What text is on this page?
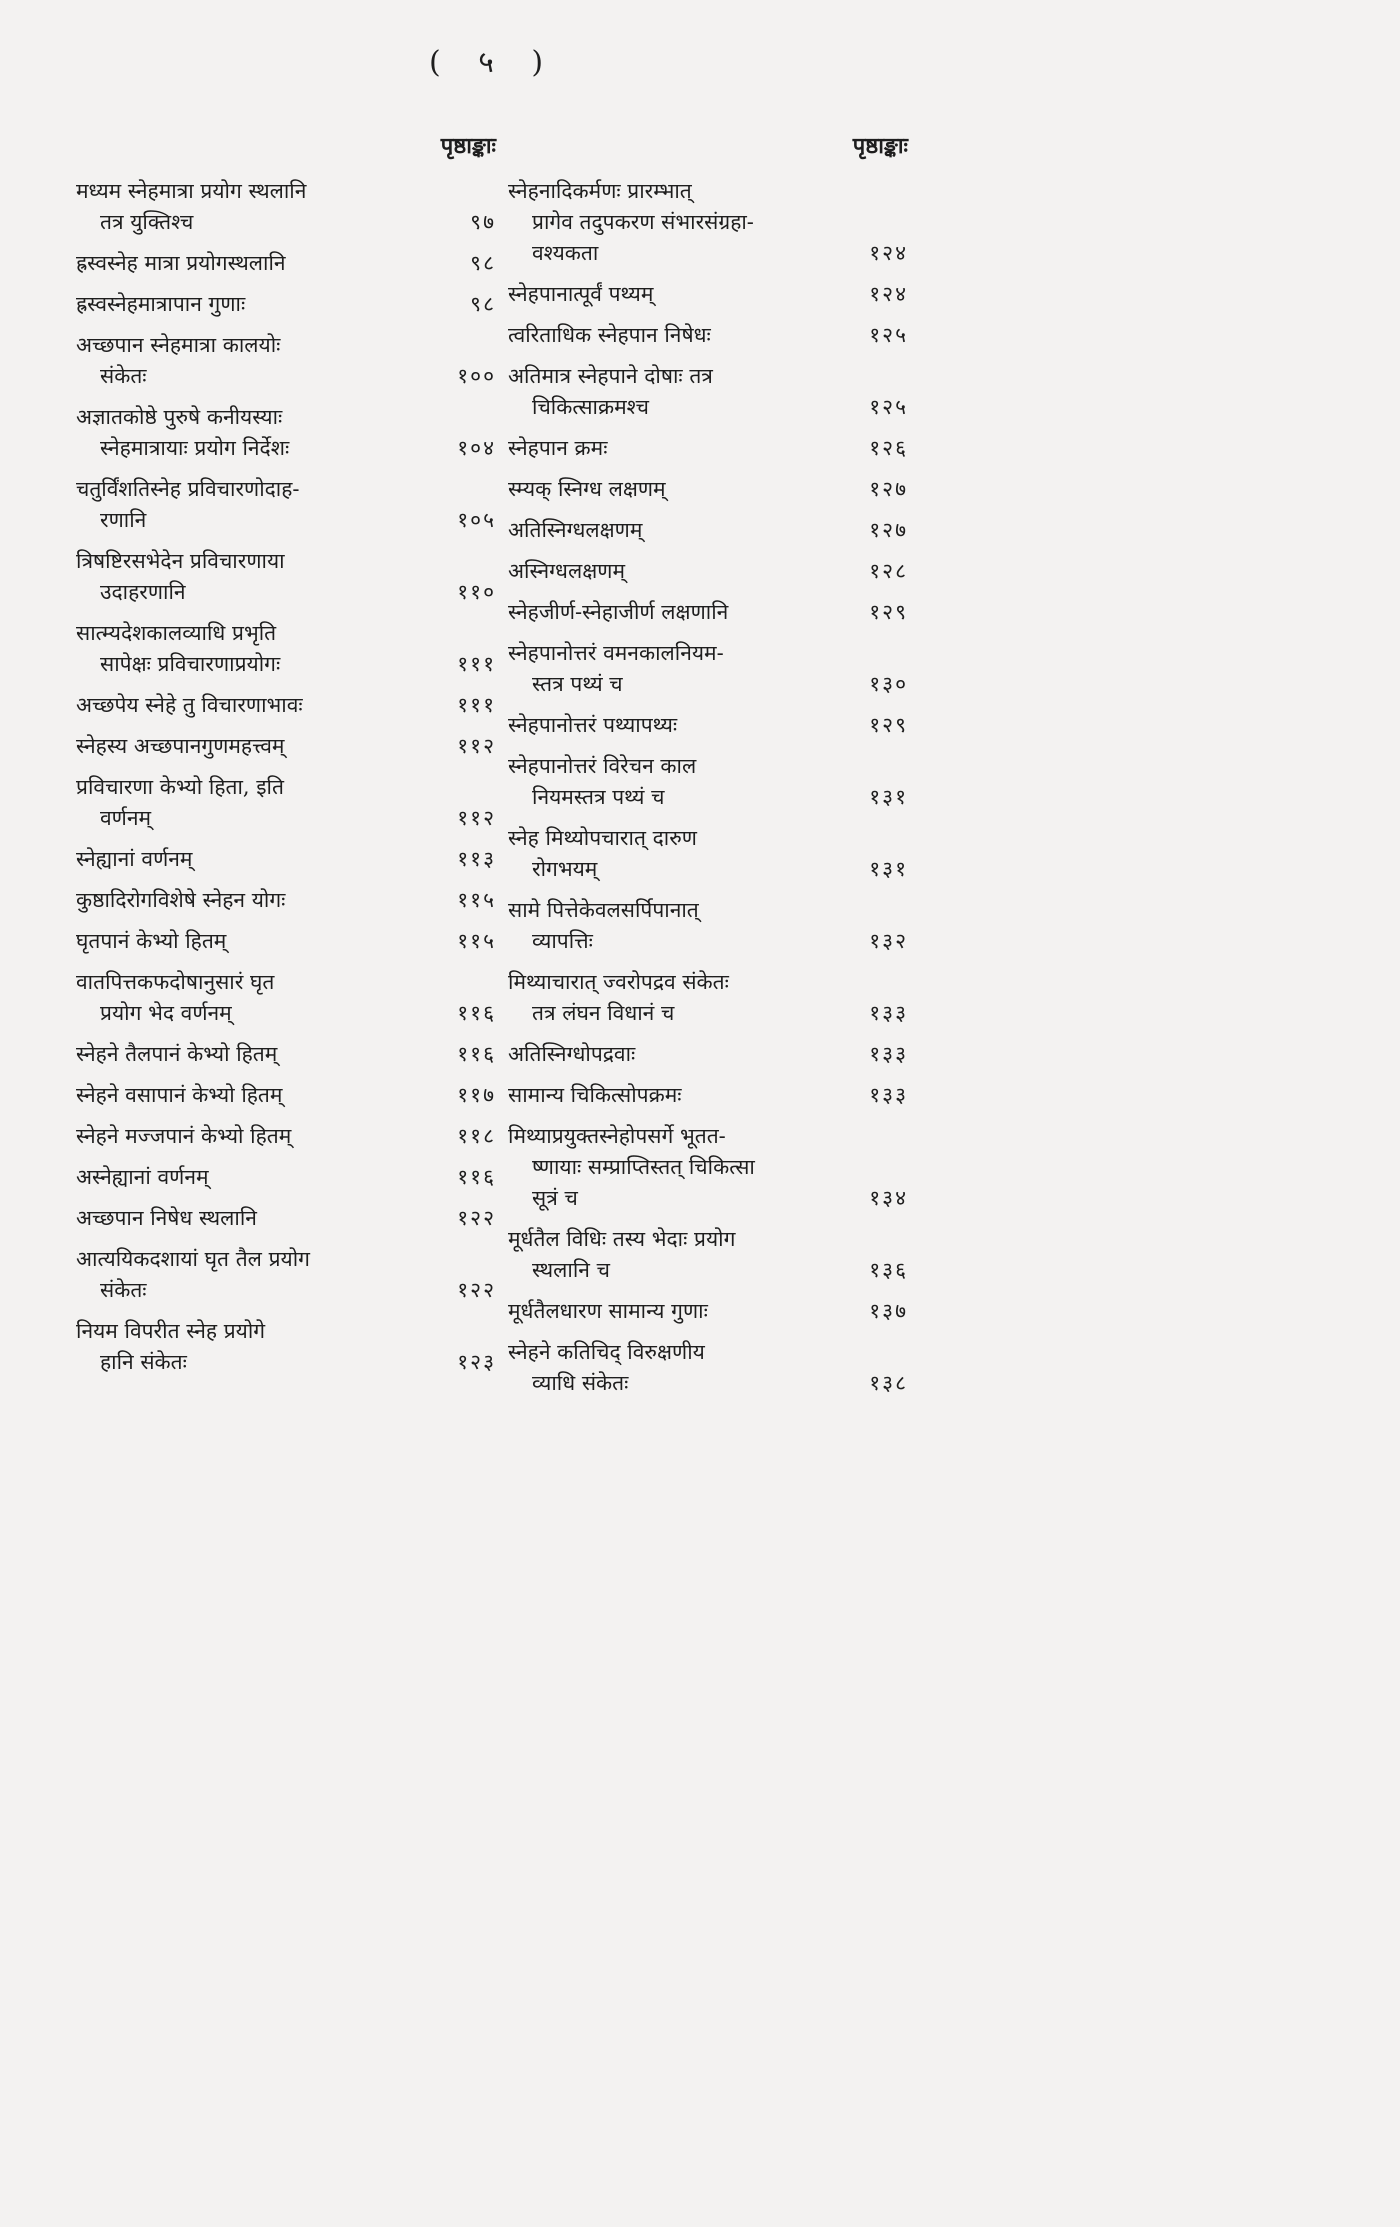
( ५ )
पृष्ठाङ्काः
मध्यम स्नेहमात्रा प्रयोग स्थलानि
तत्र युक्तिश्च	९७
ह्रस्वस्नेह मात्रा प्रयोगस्थलानि	९८
ह्रस्वस्नेहमात्रापान गुणाः	९८
अच्छपान स्नेहमात्रा कालयोः
संकेतः	१००
अज्ञातकोष्ठे पुरुषे कनीयस्याः
स्नेहमात्रायाः प्रयोग निर्देशः	१०४
चतुर्विंशतिस्नेह प्रविचारणोदाह-
रणानि	१०५
त्रिषष्टिरसभेदेन प्रविचारणाया
उदाहरणानि	११०
सात्म्यदेशकालव्याधि प्रभृति
सापेक्षः प्रविचारणाप्रयोगः	१११
अच्छपेय स्नेहे तु विचारणाभावः	१११
स्नेहस्य अच्छपानगुणमहत्त्वम्	११२
प्रविचारणा केभ्यो हिता, इति
वर्णनम्	११२
स्नेह्यानां वर्णनम्	११३
कुष्ठादिरोगविशेषे स्नेहन योगः	११५
घृतपानं केभ्यो हितम्	११५
वातपित्तकफदोषानुसारं घृत
प्रयोग भेद वर्णनम्	११६
स्नेहने तैलपानं केभ्यो हितम्	११६
स्नेहने वसापानं केभ्यो हितम्	११७
स्नेहने मज्जपानं केभ्यो हितम्	११८
अस्नेह्यानां वर्णनम्	११६
अच्छपान निषेध स्थलानि	१२२
आत्ययिकदशायां घृत तैल प्रयोग
संकेतः	१२२
नियम विपरीत स्नेह प्रयोगे
हानि संकेतः	१२३
पृष्ठाङ्काः
स्नेहनादिकर्मणः प्रारम्भात्
प्रागेव तदुपकरण संभारसंग्रहा-
वश्यकता	१२४
स्नेहपानात्पूर्वं पथ्यम्	१२४
त्वरिताधिक स्नेहपान निषेधः	१२५
अतिमात्र स्नेहपाने दोषाः तत्र
चिकित्साक्रमश्च	१२५
स्नेहपान क्रमः	१२६
स्म्यक् स्निग्ध लक्षणम्	१२७
अतिस्निग्धलक्षणम्	१२७
अस्निग्धलक्षणम्	१२८
स्नेहजीर्ण-स्नेहाजीर्ण लक्षणानि	१२९
स्नेहपानोत्तरं वमनकालनियम-
स्तत्र पथ्यं च	१३०
स्नेहपानोत्तरं पथ्यापथ्यः	१२९
स्नेहपानोत्तरं विरेचन काल
नियमस्तत्र पथ्यं च	१३१
स्नेह मिथ्योपचारात् दारुण
रोगभयम्	१३१
सामे पित्तेकेवलसर्पिपानात्
व्यापत्तिः	१३२
मिथ्याचारात् ज्वरोपद्रव संकेतः
तत्र लंघन विधानं च	१३३
अतिस्निग्धोपद्रवाः	१३३
सामान्य चिकित्सोपक्रमः	१३३
मिथ्याप्रयुक्तस्नेहोपसर्गे भूतत-
ष्णायाः सम्प्राप्तिस्तत् चिकित्सा
सूत्रं च	१३४
मूर्धतैल विधिः तस्य भेदाः प्रयोग
स्थलानि च	१३६
मूर्धतैलधारण सामान्य गुणाः	१३७
स्नेहने कतिचिद् विरुक्षणीय
व्याधि संकेतः	१३८
